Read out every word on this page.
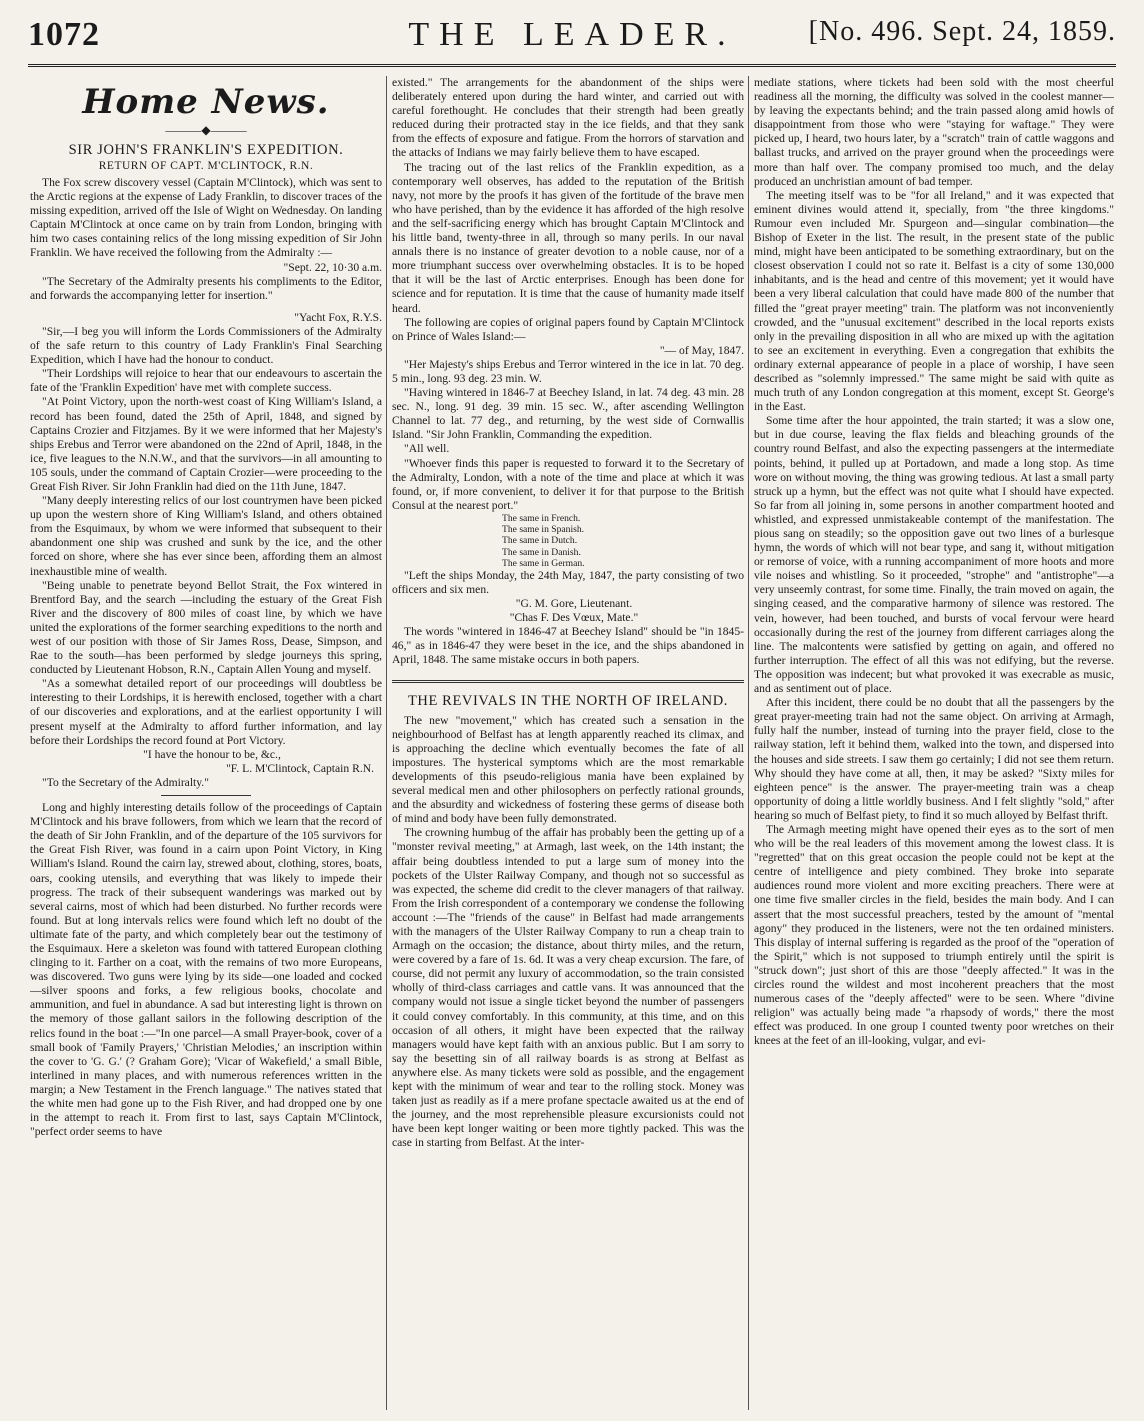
1072	THE LEADER.	[No. 496. Sept. 24, 1859.
Home News.
———◆———
SIR JOHN'S FRANKLIN'S EXPEDITION.
RETURN OF CAPT. M'CLINTOCK, R.N.

The Fox screw discovery vessel (Captain M'Clintock), which was sent to the Arctic regions at the expense of Lady Franklin, to discover traces of the missing expedition, arrived off the Isle of Wight on Wednesday. On landing Captain M'Clintock at once came on by train from London, bringing with him two cases containing relics of the long missing expedition of Sir John Franklin. We have received the following from the Admiralty :—

"Sept. 22, 10·30 a.m.

"The Secretary of the Admiralty presents his compliments to the Editor, and forwards the accompanying letter for insertion."

"Yacht Fox, R.Y.S.

"Sir,—I beg you will inform the Lords Commissioners of the Admiralty of the safe return to this country of Lady Franklin's Final Searching Expedition, which I have had the honour to conduct.

"Their Lordships will rejoice to hear that our endeavours to ascertain the fate of the 'Franklin Expedition' have met with complete success.

"At Point Victory, upon the north-west coast of King William's Island, a record has been found, dated the 25th of April, 1848, and signed by Captains Crozier and Fitzjames. By it we were informed that her Majesty's ships Erebus and Terror were abandoned on the 22nd of April, 1848, in the ice, five leagues to the N.N.W., and that the survivors—in all amounting to 105 souls, under the command of Captain Crozier—were proceeding to the Great Fish River. Sir John Franklin had died on the 11th June, 1847.

"Many deeply interesting relics of our lost countrymen have been picked up upon the western shore of King William's Island, and others obtained from the Esquimaux, by whom we were informed that subsequent to their abandonment one ship was crushed and sunk by the ice, and the other forced on shore, where she has ever since been, affording them an almost inexhaustible mine of wealth.

"Being unable to penetrate beyond Bellot Strait, the Fox wintered in Brentford Bay, and the search —including the estuary of the Great Fish River and the discovery of 800 miles of coast line, by which we have united the explorations of the former searching expeditions to the north and west of our position with those of Sir James Ross, Dease, Simpson, and Rae to the south—has been performed by sledge journeys this spring, conducted by Lieutenant Hobson, R.N., Captain Allen Young and myself.

"As a somewhat detailed report of our proceedings will doubtless be interesting to their Lordships, it is herewith enclosed, together with a chart of our discoveries and explorations, and at the earliest opportunity I will present myself at the Admiralty to afford further information, and lay before their Lordships the record found at Port Victory.

"I have the honour to be, &c.,

"F. L. M'Clintock, Captain R.N.

"To the Secretary of the Admiralty."

Long and highly interesting details follow of the proceedings of Captain M'Clintock and his brave followers, from which we learn that the record of the death of Sir John Franklin, and of the departure of the 105 survivors for the Great Fish River, was found in a cairn upon Point Victory, in King William's Island. Round the cairn lay, strewed about, clothing, stores, boats, oars, cooking utensils, and everything that was likely to impede their progress. The track of their subsequent wanderings was marked out by several cairns, most of which had been disturbed. No further records were found. But at long intervals relics were found which left no doubt of the ultimate fate of the party, and which completely bear out the testimony of the Esquimaux. Here a skeleton was found with tattered European clothing clinging to it. Farther on a coat, with the remains of two more Europeans, was discovered. Two guns were lying by its side—one loaded and cocked—silver spoons and forks, a few religious books, chocolate and ammunition, and fuel in abundance. A sad but interesting light is thrown on the memory of those gallant sailors in the following description of the relics found in the boat :—"In one parcel—A small Prayer-book, cover of a small book of 'Family Prayers,' 'Christian Melodies,' an inscription within the cover to 'G. G.' (? Graham Gore); 'Vicar of Wakefield,' a small Bible, interlined in many places, and with numerous references written in the margin; a New Testament in the French language." The natives stated that the white men had gone up to the Fish River, and had dropped one by one in the attempt to reach it. From first to last, says Captain M'Clintock, "perfect order seems to have

existed." The arrangements for the abandonment of the ships were deliberately entered upon during the hard winter, and carried out with careful forethought. He concludes that their strength had been greatly reduced during their protracted stay in the ice fields, and that they sank from the effects of exposure and fatigue. From the horrors of starvation and the attacks of Indians we may fairly believe them to have escaped.

The tracing out of the last relics of the Franklin expedition, as a contemporary well observes, has added to the reputation of the British navy, not more by the proofs it has given of the fortitude of the brave men who have perished, than by the evidence it has afforded of the high resolve and the self-sacrificing energy which has brought Captain M'Clintock and his little band, twenty-three in all, through so many perils. In our naval annals there is no instance of greater devotion to a noble cause, nor of a more triumphant success over overwhelming obstacles. It is to be hoped that it will be the last of Arctic enterprises. Enough has been done for science and for reputation. It is time that the cause of humanity made itself heard.

The following are copies of original papers found by Captain M'Clintock on Prince of Wales Island:—

"— of May, 1847.

"Her Majesty's ships Erebus and Terror wintered in the ice in lat. 70 deg. 5 min., long. 93 deg. 23 min. W.

"Having wintered in 1846-7 at Beechey Island, in lat. 74 deg. 43 min. 28 sec. N., long. 91 deg. 39 min. 15 sec. W., after ascending Wellington Channel to lat. 77 deg., and returning, by the west side of Cornwallis Island. "Sir John Franklin, Commanding the expedition.

"All well.

"Whoever finds this paper is requested to forward it to the Secretary of the Admiralty, London, with a note of the time and place at which it was found, or, if more convenient, to deliver it for that purpose to the British Consul at the nearest port."

The same in French.
The same in Spanish.
The same in Dutch.
The same in Danish.
The same in German.

"Left the ships Monday, the 24th May, 1847, the party consisting of two officers and six men.

"G. M. Gore, Lieutenant.

"Chas F. Des Vœux, Mate."

The words "wintered in 1846-47 at Beechey Island" should be "in 1845-46," as in 1846-47 they were beset in the ice, and the ships abandoned in April, 1848. The same mistake occurs in both papers.

THE REVIVALS IN THE NORTH OF IRELAND.

The new "movement," which has created such a sensation in the neighbourhood of Belfast has at length apparently reached its climax, and is approaching the decline which eventually becomes the fate of all impostures. The hysterical symptoms which are the most remarkable developments of this pseudo-religious mania have been explained by several medical men and other philosophers on perfectly rational grounds, and the absurdity and wickedness of fostering these germs of disease both of mind and body have been fully demonstrated.

The crowning humbug of the affair has probably been the getting up of a "monster revival meeting," at Armagh, last week, on the 14th instant; the affair being doubtless intended to put a large sum of money into the pockets of the Ulster Railway Company, and though not so successful as was expected, the scheme did credit to the clever managers of that railway. From the Irish correspondent of a contemporary we condense the following account :—The "friends of the cause" in Belfast had made arrangements with the managers of the Ulster Railway Company to run a cheap train to Armagh on the occasion; the distance, about thirty miles, and the return, were covered by a fare of 1s. 6d. It was a very cheap excursion. The fare, of course, did not permit any luxury of accommodation, so the train consisted wholly of third-class carriages and cattle vans. It was announced that the company would not issue a single ticket beyond the number of passengers it could convey comfortably. In this community, at this time, and on this occasion of all others, it might have been expected that the railway managers would have kept faith with an anxious public. But I am sorry to say the besetting sin of all railway boards is as strong at Belfast as anywhere else. As many tickets were sold as possible, and the engagement kept with the minimum of wear and tear to the rolling stock. Money was taken just as readily as if a mere profane spectacle awaited us at the end of the journey, and the most reprehensible pleasure excursionists could not have been kept longer waiting or been more tightly packed. This was the case in starting from Belfast. At the inter-

mediate stations, where tickets had been sold with the most cheerful readiness all the morning, the difficulty was solved in the coolest manner—by leaving the expectants behind; and the train passed along amid howls of disappointment from those who were "staying for waftage." They were picked up, I heard, two hours later, by a "scratch" train of cattle waggons and ballast trucks, and arrived on the prayer ground when the proceedings were more than half over. The company promised too much, and the delay produced an unchristian amount of bad temper.

The meeting itself was to be "for all Ireland," and it was expected that eminent divines would attend it, specially, from "the three kingdoms." Rumour even included Mr. Spurgeon and—singular combination—the Bishop of Exeter in the list. The result, in the present state of the public mind, might have been anticipated to be something extraordinary, but on the closest observation I could not so rate it. Belfast is a city of some 130,000 inhabitants, and is the head and centre of this movement; yet it would have been a very liberal calculation that could have made 800 of the number that filled the "great prayer meeting" train. The platform was not inconveniently crowded, and the "unusual excitement" described in the local reports exists only in the prevailing disposition in all who are mixed up with the agitation to see an excitement in everything. Even a congregation that exhibits the ordinary external appearance of people in a place of worship, I have seen described as "solemnly impressed." The same might be said with quite as much truth of any London congregation at this moment, except St. George's in the East.

Some time after the hour appointed, the train started; it was a slow one, but in due course, leaving the flax fields and bleaching grounds of the country round Belfast, and also the expecting passengers at the intermediate points, behind, it pulled up at Portadown, and made a long stop. As time wore on without moving, the thing was growing tedious. At last a small party struck up a hymn, but the effect was not quite what I should have expected. So far from all joining in, some persons in another compartment hooted and whistled, and expressed unmistakeable contempt of the manifestation. The pious sang on steadily; so the opposition gave out two lines of a burlesque hymn, the words of which will not bear type, and sang it, without mitigation or remorse of voice, with a running accompaniment of more hoots and more vile noises and whistling. So it proceeded, "strophe" and "antistrophe"—a very unseemly contrast, for some time. Finally, the train moved on again, the singing ceased, and the comparative harmony of silence was restored. The vein, however, had been touched, and bursts of vocal fervour were heard occasionally during the rest of the journey from different carriages along the line. The malcontents were satisfied by getting on again, and offered no further interruption. The effect of all this was not edifying, but the reverse. The opposition was indecent; but what provoked it was execrable as music, and as sentiment out of place.

After this incident, there could be no doubt that all the passengers by the great prayer-meeting train had not the same object. On arriving at Armagh, fully half the number, instead of turning into the prayer field, close to the railway station, left it behind them, walked into the town, and dispersed into the houses and side streets. I saw them go certainly; I did not see them return. Why should they have come at all, then, it may be asked? "Sixty miles for eighteen pence" is the answer. The prayer-meeting train was a cheap opportunity of doing a little worldly business. And I felt slightly "sold," after hearing so much of Belfast piety, to find it so much alloyed by Belfast thrift.

The Armagh meeting might have opened their eyes as to the sort of men who will be the real leaders of this movement among the lowest class. It is "regretted" that on this great occasion the people could not be kept at the centre of intelligence and piety combined. They broke into separate audiences round more violent and more exciting preachers. There were at one time five smaller circles in the field, besides the main body. And I can assert that the most successful preachers, tested by the amount of "mental agony" they produced in the listeners, were not the ten ordained ministers. This display of internal suffering is regarded as the proof of the "operation of the Spirit," which is not supposed to triumph entirely until the spirit is "struck down"; just short of this are those "deeply affected." It was in the circles round the wildest and most incoherent preachers that the most numerous cases of the "deeply affected" were to be seen. Where "divine religion" was actually being made "a rhapsody of words," there the most effect was produced. In one group I counted twenty poor wretches on their knees at the feet of an ill-looking, vulgar, and evi-
